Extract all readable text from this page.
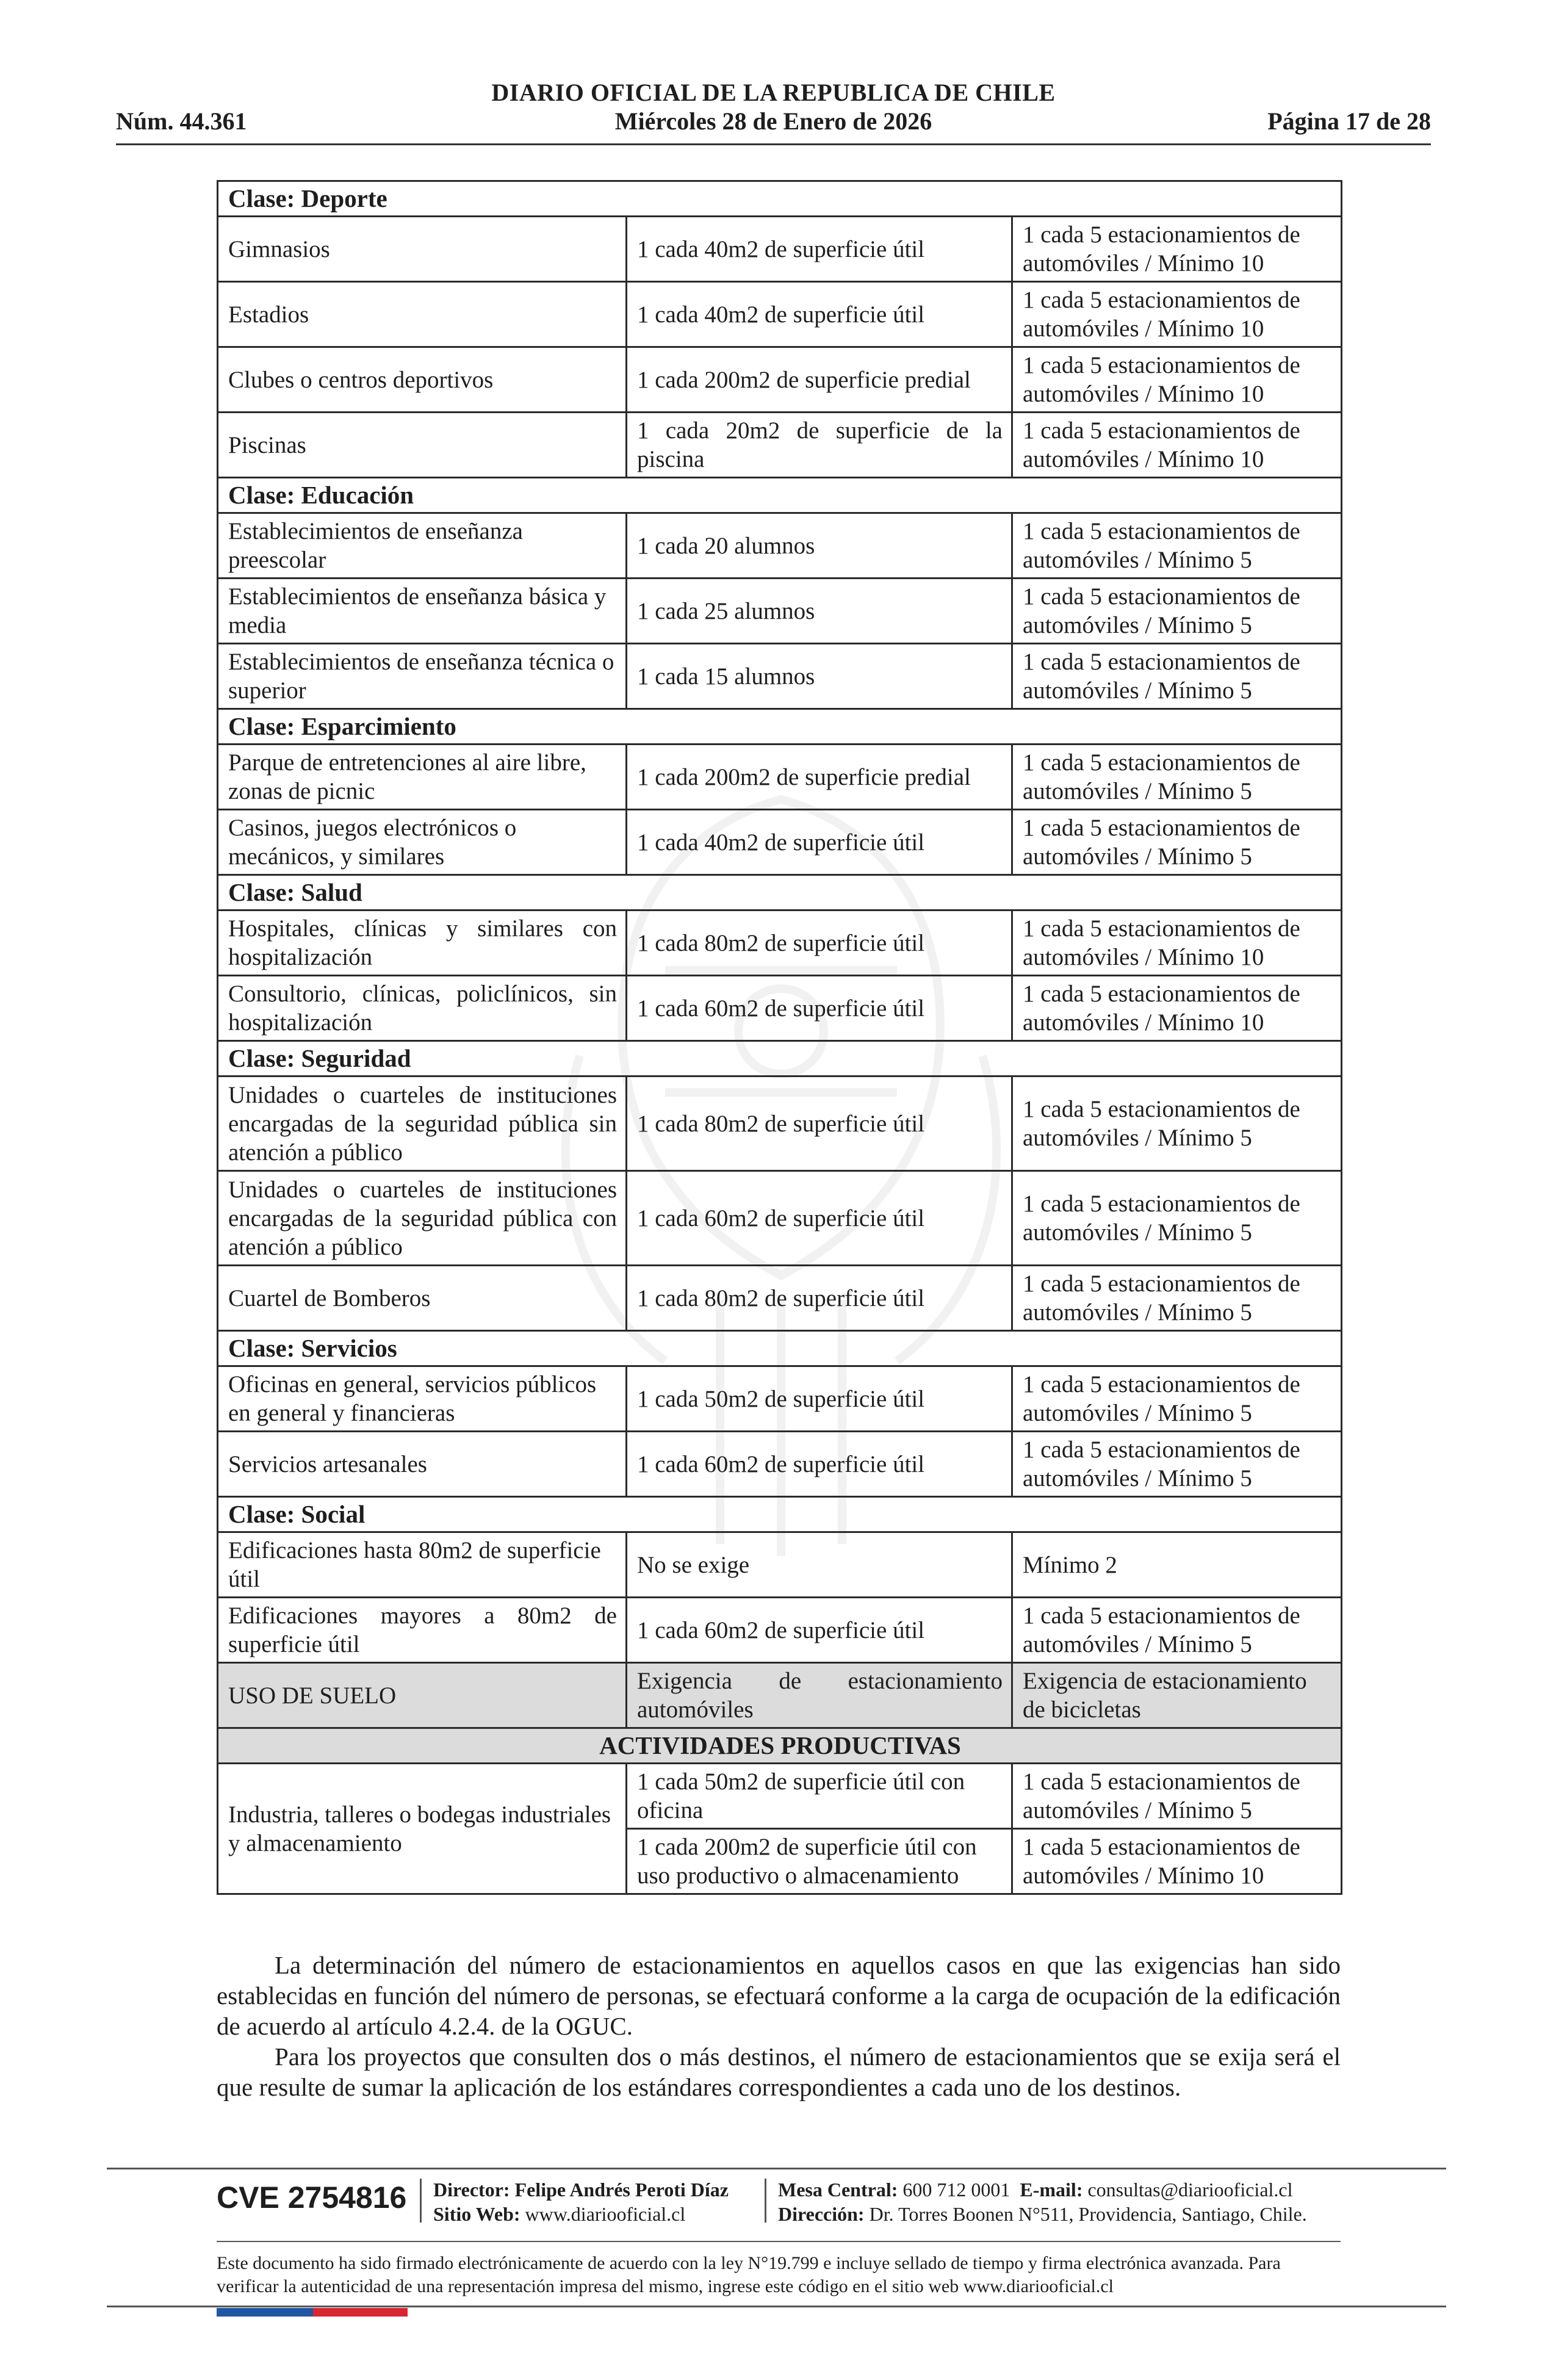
DIARIO OFICIAL DE LA REPUBLICA DE CHILE
Núm. 44.361	Miércoles 28 de Enero de 2026	Página 17 de 28
Clase: Deporte		
Gimnasios	1 cada 40m2 de superficie útil	1 cada 5 estacionamientos de automóviles / Mínimo 10
Estadios	1 cada 40m2 de superficie útil	1 cada 5 estacionamientos de automóviles / Mínimo 10
Clubes o centros deportivos	1 cada 200m2 de superficie predial	1 cada 5 estacionamientos de automóviles / Mínimo 10
Piscinas	1 cada 20m2 de superficie de la piscina	1 cada 5 estacionamientos de automóviles / Mínimo 10
Clase: Educación		
Establecimientos de enseñanza preescolar	1 cada 20 alumnos	1 cada 5 estacionamientos de automóviles / Mínimo 5
Establecimientos de enseñanza básica y media	1 cada 25 alumnos	1 cada 5 estacionamientos de automóviles / Mínimo 5
Establecimientos de enseñanza técnica o superior	1 cada 15 alumnos	1 cada 5 estacionamientos de automóviles / Mínimo 5
Clase: Esparcimiento		
Parque de entretenciones al aire libre, zonas de picnic	1 cada 200m2 de superficie predial	1 cada 5 estacionamientos de automóviles / Mínimo 5
Casinos, juegos electrónicos o mecánicos, y similares	1 cada 40m2 de superficie útil	1 cada 5 estacionamientos de automóviles / Mínimo 5
Clase: Salud		
Hospitales, clínicas y similares con hospitalización	1 cada 80m2 de superficie útil	1 cada 5 estacionamientos de automóviles / Mínimo 10
Consultorio, clínicas, policlínicos, sin hospitalización	1 cada 60m2 de superficie útil	1 cada 5 estacionamientos de automóviles / Mínimo 10
Clase: Seguridad		
Unidades o cuarteles de instituciones encargadas de la seguridad pública sin atención a público	1 cada 80m2 de superficie útil	1 cada 5 estacionamientos de automóviles / Mínimo 5
Unidades o cuarteles de instituciones encargadas de la seguridad pública con atención a público	1 cada 60m2 de superficie útil	1 cada 5 estacionamientos de automóviles / Mínimo 5
Cuartel de Bomberos	1 cada 80m2 de superficie útil	1 cada 5 estacionamientos de automóviles / Mínimo 5
Clase: Servicios		
Oficinas en general, servicios públicos en general y financieras	1 cada 50m2 de superficie útil	1 cada 5 estacionamientos de automóviles / Mínimo 5
Servicios artesanales	1 cada 60m2 de superficie útil	1 cada 5 estacionamientos de automóviles / Mínimo 5
Clase: Social		
Edificaciones hasta 80m2 de superficie útil	No se exige	Mínimo 2
Edificaciones mayores a 80m2 de superficie útil	1 cada 60m2 de superficie útil	1 cada 5 estacionamientos de automóviles / Mínimo 5
USO DE SUELO	Exigencia de estacionamiento automóviles	Exigencia de estacionamiento de bicicletas
ACTIVIDADES PRODUCTIVAS		
Industria, talleres o bodegas industriales y almacenamiento	1 cada 50m2 de superficie útil con oficina	1 cada 5 estacionamientos de automóviles / Mínimo 5
	1 cada 200m2 de superficie útil con uso productivo o almacenamiento	1 cada 5 estacionamientos de automóviles / Mínimo 10

La determinación del número de estacionamientos en aquellos casos en que las exigencias han sido establecidas en función del número de personas, se efectuará conforme a la carga de ocupación de la edificación de acuerdo al artículo 4.2.4. de la OGUC.

Para los proyectos que consulten dos o más destinos, el número de estacionamientos que se exija será el que resulte de sumar la aplicación de los estándares correspondientes a cada uno de los destinos.

CVE 2754816 Director: Felipe Andrés Peroti Díaz
Sitio Web: www.diariooficial.cl
Mesa Central: 600 712 0001 E-mail: consultas@diariooficial.cl
Dirección: Dr. Torres Boonen N°511, Providencia, Santiago, Chile.
Este documento ha sido firmado electrónicamente de acuerdo con la ley N°19.799 e incluye sellado de tiempo y firma electrónica avanzada. Para verificar la autenticidad de una representación impresa del mismo, ingrese este código en el sitio web www.diariooficial.cl
